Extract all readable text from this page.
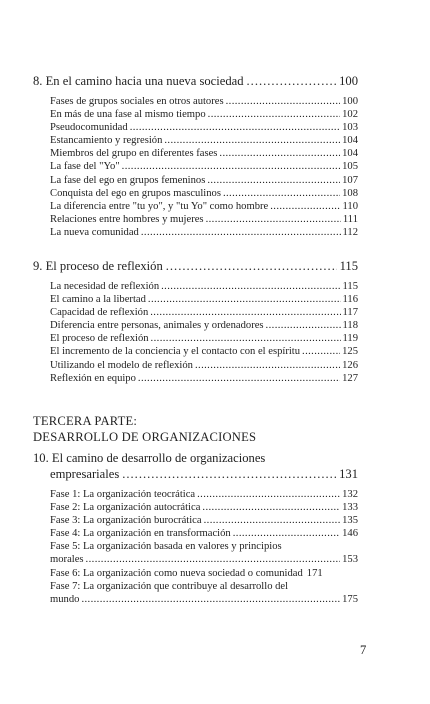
8. En el camino hacia una nueva sociedad .....	100
Fases de grupos sociales en otros autores .....	100
En más de una fase al mismo tiempo .....	102
Pseudocomunidad .....	103
Estancamiento y regresión .....	104
Miembros del grupo en diferentes fases .....	104
La fase del "Yo" .....	105
La fase del ego en grupos femeninos .....	107
Conquista del ego en grupos masculinos .....	108
La diferencia entre "tu yo", y "tu Yo" como hombre .....	110
Relaciones entre hombres y mujeres .....	111
La nueva comunidad .....	112
9. El proceso de reflexión .....	115
La necesidad de reflexión .....	115
El camino a la libertad .....	116
Capacidad de reflexión .....	117
Diferencia entre personas, animales y ordenadores .....	118
El proceso de reflexión .....	119
El incremento de la conciencia y el contacto con el espíritu .....	125
Utilizando el modelo de reflexión .....	126
Reflexión en equipo .....	127
TERCERA PARTE:
DESARROLLO DE ORGANIZACIONES
10. El camino de desarrollo de organizaciones
empresariales .....	131
Fase 1: La organización teocrática .....	132
Fase 2: La organización autocrática .....	133
Fase 3: La organización burocrática .....	135
Fase 4: La organización en transformación .....	146
Fase 5: La organización basada en valores y principios
morales .....	153
Fase 6: La organización como nueva sociedad o comunidad 171
Fase 7: La organización que contribuye al desarrollo del
mundo .....	175
7
